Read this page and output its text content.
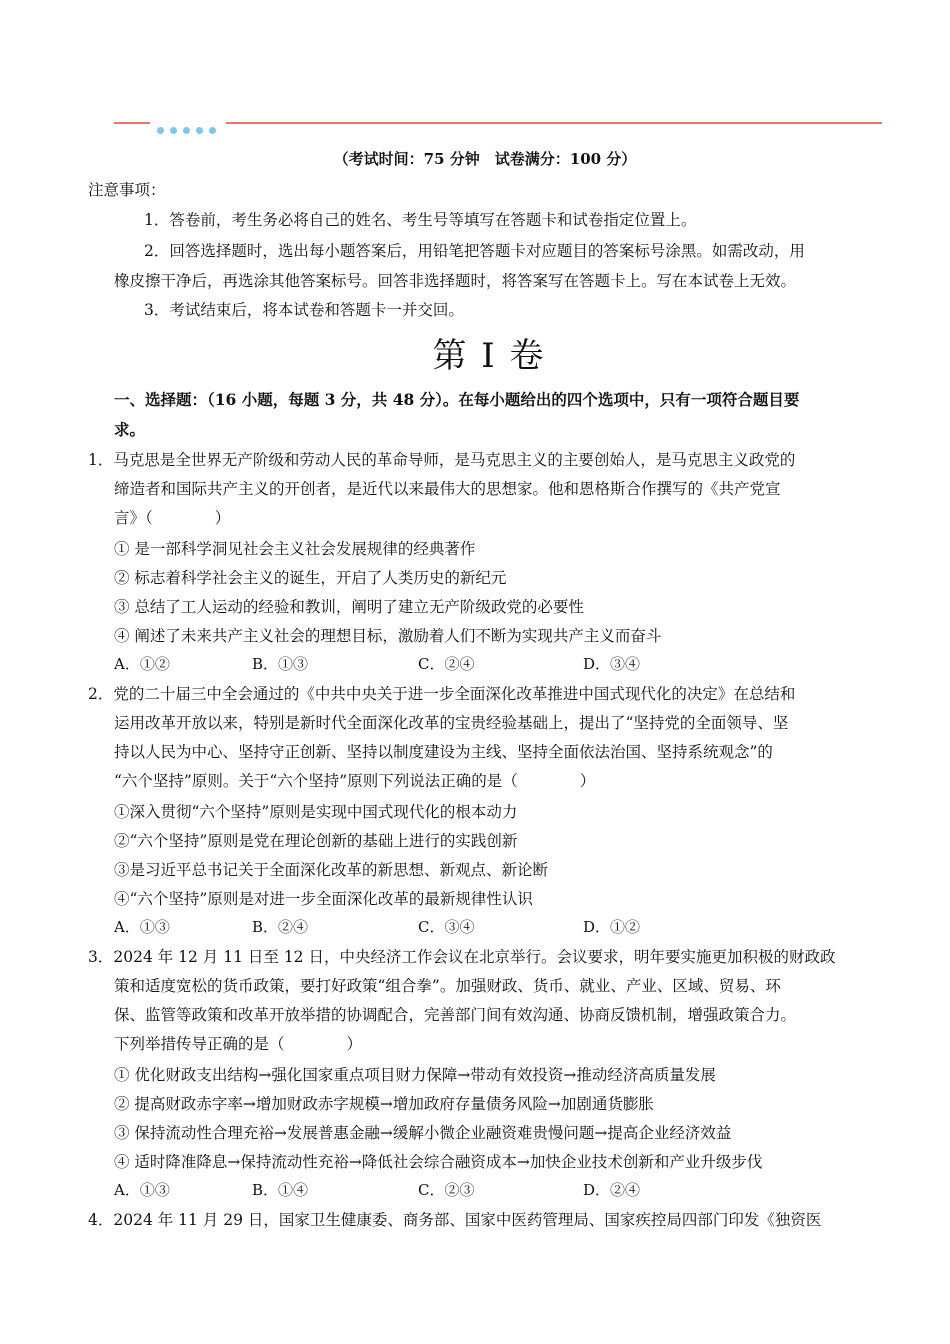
（考试时间：75 分钟　试卷满分：100 分）
注意事项：
1．答卷前，考生务必将自己的姓名、考生号等填写在答题卡和试卷指定位置上。
2．回答选择题时，选出每小题答案后，用铅笔把答题卡对应题目的答案标号涂黑。如需改动，用
橡皮擦干净后，再选涂其他答案标号。回答非选择题时，将答案写在答题卡上。写在本试卷上无效。
3．考试结束后，将本试卷和答题卡一并交回。
第 I 卷
一、选择题：（16 小题，每题 3 分，共 48 分）。在每小题给出的四个选项中，只有一项符合题目要
求。
1．马克思是全世界无产阶级和劳动人民的革命导师，是马克思主义的主要创始人，是马克思主义政党的
缔造者和国际共产主义的开创者，是近代以来最伟大的思想家。他和恩格斯合作撰写的《共产党宣
言》（　　　　）
① 是一部科学洞见社会主义社会发展规律的经典著作
② 标志着科学社会主义的诞生，开启了人类历史的新纪元
③ 总结了工人运动的经验和教训，阐明了建立无产阶级政党的必要性
④ 阐述了未来共产主义社会的理想目标，激励着人们不断为实现共产主义而奋斗
A．①②	B．①③	C．②④	D．③④
2．党的二十届三中全会通过的《中共中央关于进一步全面深化改革推进中国式现代化的决定》在总结和
运用改革开放以来，特别是新时代全面深化改革的宝贵经验基础上，提出了“坚持党的全面领导、坚
持以人民为中心、坚持守正创新、坚持以制度建设为主线、坚持全面依法治国、坚持系统观念”的
“六个坚持”原则。关于“六个坚持”原则下列说法正确的是（　　　　）
①深入贯彻“六个坚持”原则是实现中国式现代化的根本动力
②“六个坚持”原则是党在理论创新的基础上进行的实践创新
③是习近平总书记关于全面深化改革的新思想、新观点、新论断
④“六个坚持”原则是对进一步全面深化改革的最新规律性认识
A．①③	B．②④	C．③④	D．①②
3．2024 年 12 月 11 日至 12 日，中央经济工作会议在北京举行。会议要求，明年要实施更加积极的财政政
策和适度宽松的货币政策，要打好政策“组合拳”。加强财政、货币、就业、产业、区域、贸易、环
保、监管等政策和改革开放举措的协调配合，完善部门间有效沟通、协商反馈机制，增强政策合力。
下列举措传导正确的是（　　　　）
① 优化财政支出结构→强化国家重点项目财力保障→带动有效投资→推动经济高质量发展
② 提高财政赤字率→增加财政赤字规模→增加政府存量债务风险→加剧通货膨胀
③ 保持流动性合理充裕→发展普惠金融→缓解小微企业融资难贵慢问题→提高企业经济效益
④ 适时降准降息→保持流动性充裕→降低社会综合融资成本→加快企业技术创新和产业升级步伐
A．①③	B．①④	C．②③	D．②④
4．2024 年 11 月 29 日，国家卫生健康委、商务部、国家中医药管理局、国家疾控局四部门印发《独资医
